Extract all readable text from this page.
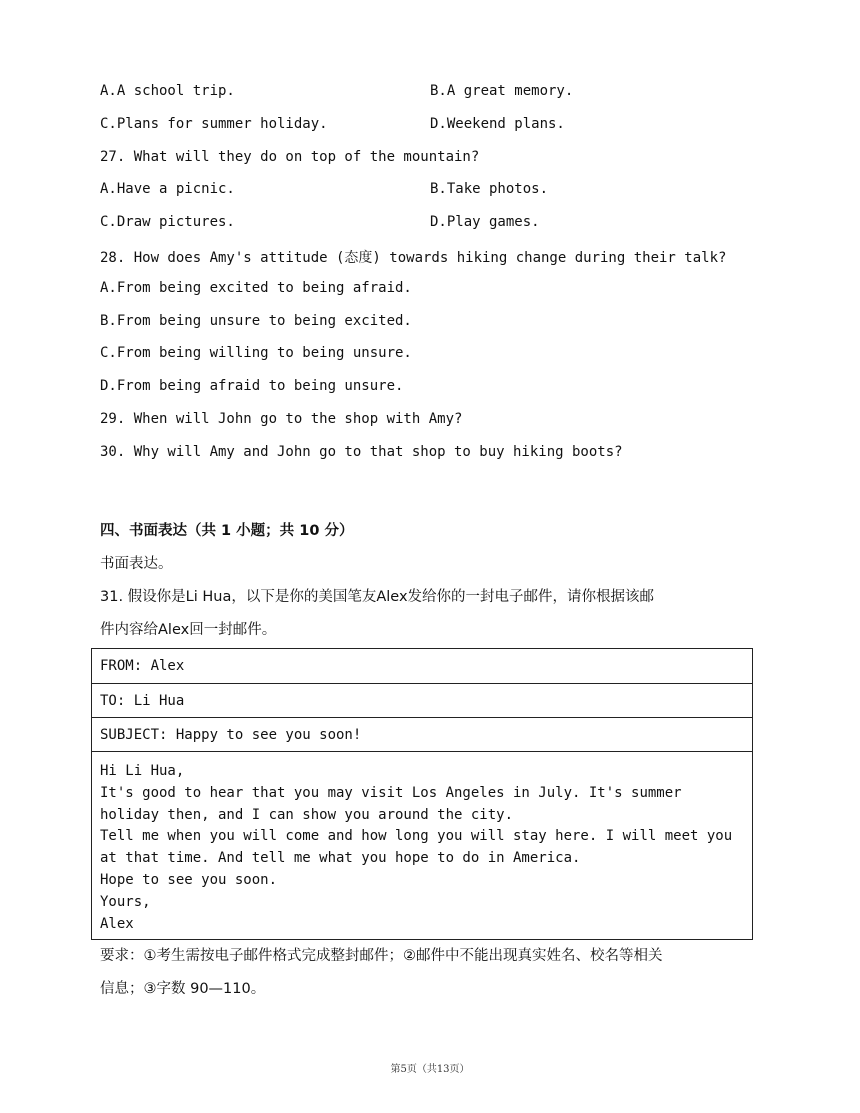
A.A school trip.	B.A great memory.
C.Plans for summer holiday.	D.Weekend plans.
27. What will they do on top of the mountain?
A.Have a picnic.	B.Take photos.
C.Draw pictures.	D.Play games.
28. How does Amy's attitude (态度) towards hiking change during their talk?
A.From being excited to being afraid.
B.From being unsure to being excited.
C.From being willing to being unsure.
D.From being afraid to being unsure.
29. When will John go to the shop with Amy?
30. Why will Amy and John go to that shop to buy hiking boots?
四、书面表达（共 1 小题；共 10 分）
书面表达。
31. 假设你是Li Hua，以下是你的美国笔友Alex发给你的一封电子邮件，请你根据该邮
件内容给Alex回一封邮件。
FROM: Alex
TO: Li Hua
SUBJECT: Happy to see you soon!

Hi Li Hua,
It's good to hear that you may visit Los Angeles in July. It's summer
holiday then, and I can show you around the city.
Tell me when you will come and how long you will stay here. I will meet you
at that time. And tell me what you hope to do in America.
Hope to see you soon.
Yours,
Alex
要求：①考生需按电子邮件格式完成整封邮件；②邮件中不能出现真实姓名、校名等相关
信息；③字数 90—110。
第5页（共13页）
